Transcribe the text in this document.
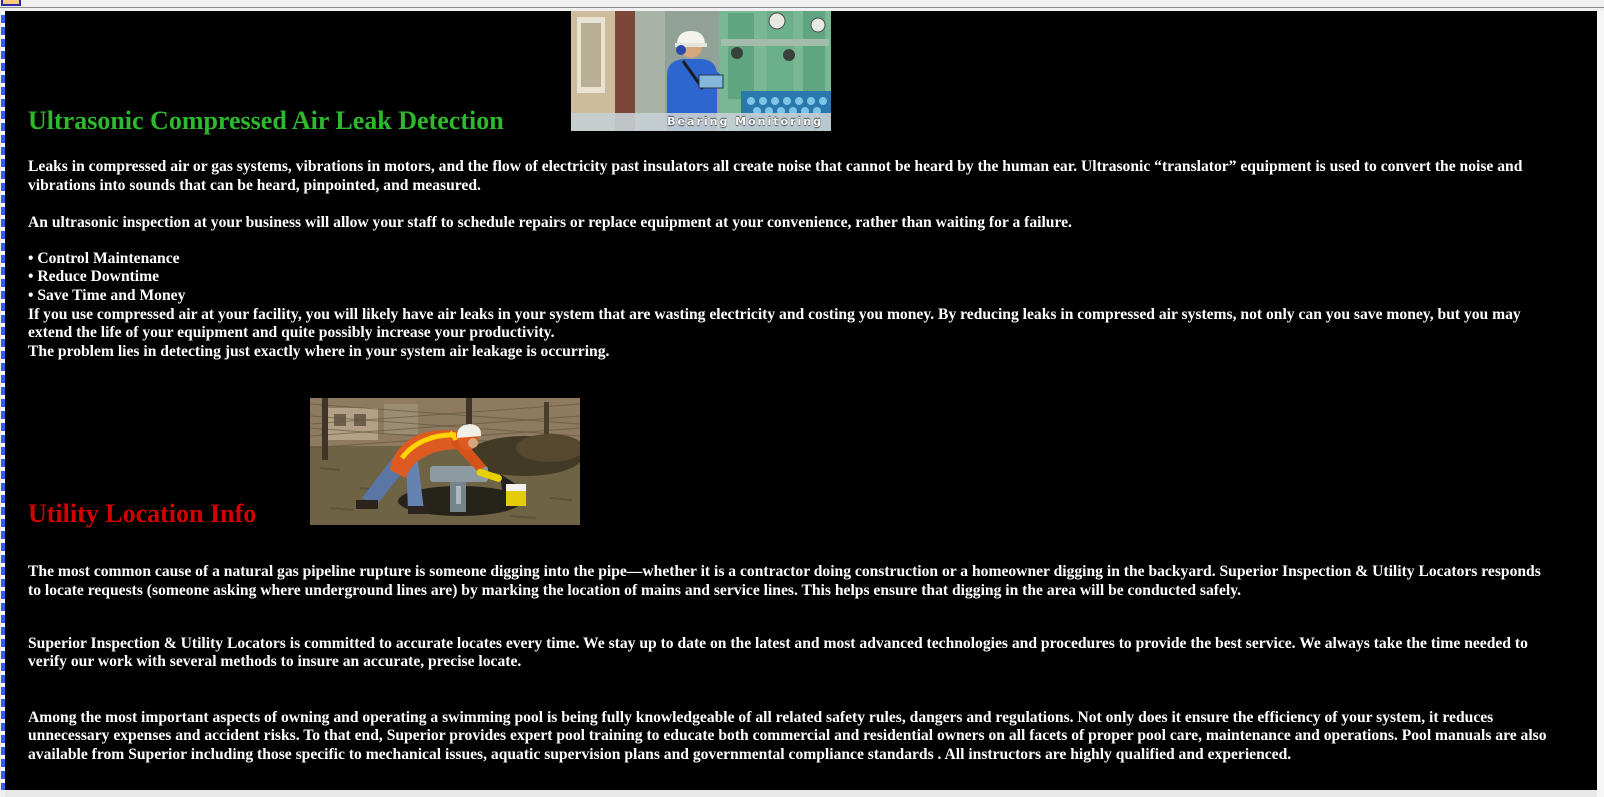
Bearing Monitoring
Ultrasonic Compressed Air Leak Detection

Leaks in compressed air or gas systems, vibrations in motors, and the flow of electricity past insulators all create noise that cannot be heard by the human ear. Ultrasonic “translator” equipment is used to convert the noise and vibrations into sounds that can be heard, pinpointed, and measured.

An ultrasonic inspection at your business will allow your staff to schedule repairs or replace equipment at your convenience, rather than waiting for a failure.

• Control Maintenance
• Reduce Downtime
• Save Time and Money
If you use compressed air at your facility, you will likely have air leaks in your system that are wasting electricity and costing you money. By reducing leaks in compressed air systems, not only can you save money, but you may extend the life of your equipment and quite possibly increase your productivity.
The problem lies in detecting just exactly where in your system air leakage is occurring.
Utility Location Info

The most common cause of a natural gas pipeline rupture is someone digging into the pipe—whether it is a contractor doing construction or a homeowner digging in the backyard. Superior Inspection & Utility Locators responds to locate requests (someone asking where underground lines are) by marking the location of mains and service lines. This helps ensure that digging in the area will be conducted safely.

Superior Inspection & Utility Locators is committed to accurate locates every time. We stay up to date on the latest and most advanced technologies and procedures to provide the best service. We always take the time needed to verify our work with several methods to insure an accurate, precise locate.

Among the most important aspects of owning and operating a swimming pool is being fully knowledgeable of all related safety rules, dangers and regulations. Not only does it ensure the efficiency of your system, it reduces unnecessary expenses and accident risks. To that end, Superior provides expert pool training to educate both commercial and residential owners on all facets of proper pool care, maintenance and operations. Pool manuals are also available from Superior including those specific to mechanical issues, aquatic supervision plans and governmental compliance standards . All instructors are highly qualified and experienced.
